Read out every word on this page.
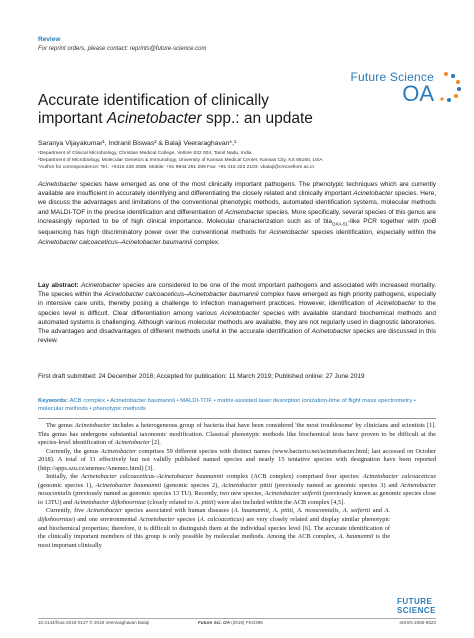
Review
For reprint orders, please contact: reprints@future-science.com
Future Science
OA
Accurate identification of clinically
important Acinetobacter spp.: an update
Saranya Vijayakumar¹, Indranil Biswas² & Balaji Veeraraghavan*,¹
¹Department of Clinical Microbiology, Christian Medical College, Vellore 632 004, Tamil Nadu, India
²Department of Microbiology, Molecular Genetics & Immunology, University of Kansas Medical Center, Kansas City, KS 66160, USA
*Author for correspondence: Tel.: +0416 228 2588, Mobile: +91 9944 251 289 Fax: +91 416 223 2103; vbalaji@cmcvellore.ac.in
Acinetobacter species have emerged as one of the most clinically important pathogens. The phenotypic techniques which are currently available are insufficient in accurately identifying and differentiating the closely related and clinically important Acinetobacter species. Here, we discuss the advantages and limitations of the conventional phenotypic methods, automated identification systems, molecular methods and MALDI-TOF in the precise identification and differentiation of Acinetobacter species. More specifically, several species of this genus are increasingly reported to be of high clinical importance. Molecular characterization such as of bla$_{OXA-51}$-like PCR together with rpoB sequencing has high discriminatory power over the conventional methods for Acinetobacter species identification, especially within the Acinetobacter calcoaceticus–Acinetobacter baumannii complex.
Lay abstract: Acinetobacter species are considered to be one of the most important pathogens and associated with increased mortality. The species within the Acinetobacter calcoaceticus–Acinetobacter baumannii complex have emerged as high priority pathogens, especially in intensive care units, thereby posing a challenge to infection management practices. However, identification of Acinetobacter to the species level is difficult. Clear differentiation among various Acinetobacter species with available standard biochemical methods and automated systems is challenging. Although various molecular methods are available, they are not regularly used in diagnostic laboratories. The advantages and disadvantages of different methods useful in the accurate identification of Acinetobacter species are discussed in this review.
First draft submitted: 24 December 2018; Accepted for publication: 11 March 2019; Published online: 27 June 2019
Keywords: ACB complex • Acinetobacter baumannii • MALDI-TOF • matrix-assisted laser desorption ionization-time of flight mass spectrometry • molecular methods • phenotypic methods

The genus Acinetobacter includes a heterogeneous group of bacteria that have been considered 'the most troublesome' by clinicians and scientists [1]. This genus has undergone substantial taxonomic modification. Classical phenotypic methods like biochemical tests have proven to be difficult at the species-level identification of Acinetobacter [2].

Currently, the genus Acinetobacter comprises 59 different species with distinct names (www.bacterio.net/acinetobacter.html; last accessed on October 2018). A total of 11 effectively but not validly published named species and nearly 15 tentative species with designation have been reported (http://apps.szu.cz/anemec/Anemec.html) [3].

Initially, the Acinetobacter calcoaceticus–Acinetobacter baumannii complex (ACB complex) comprised four species: Acinetobacter calcoaceticus (genomic species 1), Acinetobacter baumannii (genomic species 2), Acinetobacter pittii (previously named as genomic species 3) and Acinetobacter nosocomialis (previously named as genomic species 13 TU). Recently, two new species, Acinetobacter seifertii (previously known as genomic species close to 13TU) and Acinetobacter dijkshoorniae (closely related to A. pittii) were also included within the ACB complex [4,5].

Currently, five Acinetobacter species associated with human diseases (A. baumannii, A. pittii, A. nosocomialis, A. seifertii and A. dijkshoorniae) and one environmental Acinetobacter species (A. calcoaceticus) are very closely related and display similar phenotypic and biochemical properties; therefore, it is difficult to distinguish them at the individual species level [6]. The accurate identification of the clinically important members of this group is only possible by molecular methods. Among the ACB complex, A. baumannii is the most important clinically

FUTURE
SCIENCE
10.2144/fsoa-2018-0127 © 2019 Veeraraghavan Balaji	Future Sci. OA (2019) FSO395	eISSN 2056-5623
